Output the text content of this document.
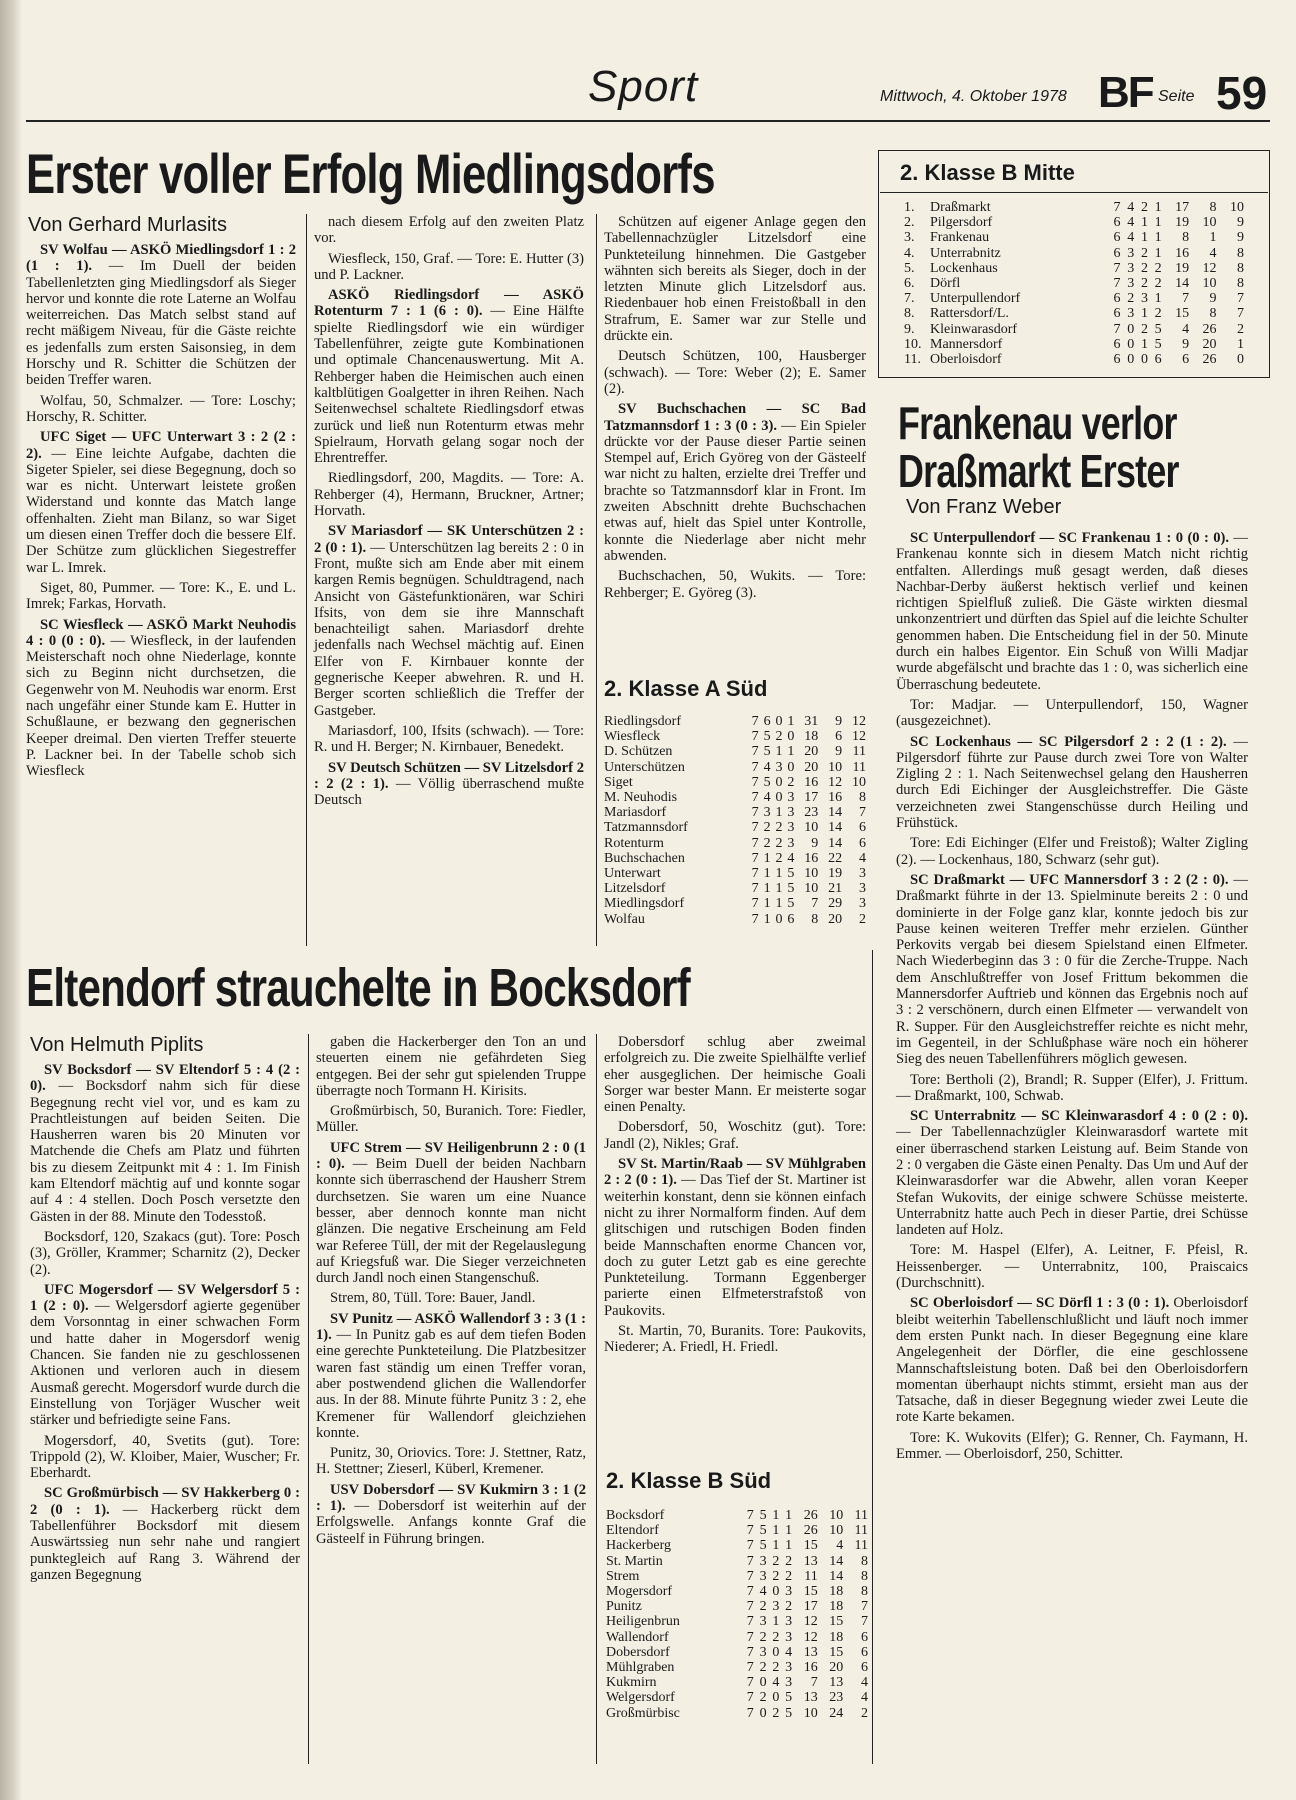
Sport	Mittwoch, 4. Oktober 1978 BF Seite 59
Erster voller Erfolg Miedlingsdorfs
Von Gerhard Murlasits

SV Wolfau — ASKÖ Miedlingsdorf 1 : 2 (1 : 1). — Im Duell der beiden Tabellenletzten ging Miedlingsdorf als Sieger hervor und konnte die rote Laterne an Wolfau weiterreichen. Das Match selbst stand auf recht mäßigem Niveau, für die Gäste reichte es jedenfalls zum ersten Saisonsieg, in dem Horschy und R. Schitter die Schützen der beiden Treffer waren.

Wolfau, 50, Schmalzer. — Tore: Loschy; Horschy, R. Schitter.

UFC Siget — UFC Unterwart 3 : 2 (2 : 2). — Eine leichte Aufgabe, dachten die Sigeter Spieler, sei diese Begegnung, doch so war es nicht. Unterwart leistete großen Widerstand und konnte das Match lange offenhalten. Zieht man Bilanz, so war Siget um diesen einen Treffer doch die bessere Elf. Der Schütze zum glücklichen Siegestreffer war L. Imrek.

Siget, 80, Pummer. — Tore: K., E. und L. Imrek; Farkas, Horvath.

SC Wiesfleck — ASKÖ Markt Neuhodis 4 : 0 (0 : 0). — Wiesfleck, in der laufenden Meisterschaft noch ohne Niederlage, konnte sich zu Beginn nicht durchsetzen, die Gegenwehr von M. Neuhodis war enorm. Erst nach ungefähr einer Stunde kam E. Hutter in Schußlaune, er bezwang den gegnerischen Keeper dreimal. Den vierten Treffer steuerte P. Lackner bei. In der Tabelle schob sich Wiesfleck

nach diesem Erfolg auf den zweiten Platz vor.

Wiesfleck, 150, Graf. — Tore: E. Hutter (3) und P. Lackner.

ASKÖ Riedlingsdorf — ASKÖ Rotenturm 7 : 1 (6 : 0). — Eine Hälfte spielte Riedlingsdorf wie ein würdiger Tabellenführer, zeigte gute Kombinationen und optimale Chancenauswertung. Mit A. Rehberger haben die Heimischen auch einen kaltblütigen Goalgetter in ihren Reihen. Nach Seitenwechsel schaltete Riedlingsdorf etwas zurück und ließ nun Rotenturm etwas mehr Spielraum, Horvath gelang sogar noch der Ehrentreffer.

Riedlingsdorf, 200, Magdits. — Tore: A. Rehberger (4), Hermann, Bruckner, Artner; Horvath.

SV Mariasdorf — SK Unterschützen 2 : 2 (0 : 1). — Unterschützen lag bereits 2 : 0 in Front, mußte sich am Ende aber mit einem kargen Remis begnügen. Schuldtragend, nach Ansicht von Gästefunktionären, war Schiri Ifsits, von dem sie ihre Mannschaft benachteiligt sahen. Mariasdorf drehte jedenfalls nach Wechsel mächtig auf. Einen Elfer von F. Kirnbauer konnte der gegnerische Keeper abwehren. R. und H. Berger scorten schließlich die Treffer der Gastgeber.

Mariasdorf, 100, Ifsits (schwach). — Tore: R. und H. Berger; N. Kirnbauer, Benedekt.

SV Deutsch Schützen — SV Litzelsdorf 2 : 2 (2 : 1). — Völlig überraschend mußte Deutsch

Schützen auf eigener Anlage gegen den Tabellennachzügler Litzelsdorf eine Punkteteilung hinnehmen. Die Gastgeber wähnten sich bereits als Sieger, doch in der letzten Minute glich Litzelsdorf aus. Riedenbauer hob einen Freistoßball in den Strafrum, E. Samer war zur Stelle und drückte ein.

Deutsch Schützen, 100, Hausberger (schwach). — Tore: Weber (2); E. Samer (2).

SV Buchschachen — SC Bad Tatzmannsdorf 1 : 3 (0 : 3). — Ein Spieler drückte vor der Pause dieser Partie seinen Stempel auf, Erich Györeg von der Gästeelf war nicht zu halten, erzielte drei Treffer und brachte so Tatzmannsdorf klar in Front. Im zweiten Abschnitt drehte Buchschachen etwas auf, hielt das Spiel unter Kontrolle, konnte die Niederlage aber nicht mehr abwenden.

Buchschachen, 50, Wukits. — Tore: Rehberger; E. Györeg (3).

2. Klasse A Süd
Riedlingsdorf	7	6	0	1	31	9	12
Wiesfleck	7	5	2	0	18	6	12
D. Schützen	7	5	1	1	20	9	11
Unterschützen	7	4	3	0	20	10	11
Siget	7	5	0	2	16	12	10
M. Neuhodis	7	4	0	3	17	16	8
Mariasdorf	7	3	1	3	23	14	7
Tatzmannsdorf	7	2	2	3	10	14	6
Rotenturm	7	2	2	3	9	14	6
Buchschachen	7	1	2	4	16	22	4
Unterwart	7	1	1	5	10	19	3
Litzelsdorf	7	1	1	5	10	21	3
Miedlingsdorf	7	1	1	5	7	29	3
Wolfau	7	1	0	6	8	20	2
2. Klasse B Mitte
1.	Draßmarkt	7	4	2	1	17	8	10
2.	Pilgersdorf	6	4	1	1	19	10	9
3.	Frankenau	6	4	1	1	8	1	9
4.	Unterrabnitz	6	3	2	1	16	4	8
5.	Lockenhaus	7	3	2	2	19	12	8
6.	Dörfl	7	3	2	2	14	10	8
7.	Unterpullendorf	6	2	3	1	7	9	7
8.	Rattersdorf/L.	6	3	1	2	15	8	7
9.	Kleinwarasdorf	7	0	2	5	4	26	2
10.	Mannersdorf	6	0	1	5	9	20	1
11.	Oberloisdorf	6	0	0	6	6	26	0
Frankenau verlor
Draßmarkt Erster
Von Franz Weber

SC Unterpullendorf — SC Frankenau 1 : 0 (0 : 0). — Frankenau konnte sich in diesem Match nicht richtig entfalten. Allerdings muß gesagt werden, daß dieses Nachbar-Derby äußerst hektisch verlief und keinen richtigen Spielfluß zuließ. Die Gäste wirkten diesmal unkonzentriert und dürften das Spiel auf die leichte Schulter genommen haben. Die Entscheidung fiel in der 50. Minute durch ein halbes Eigentor. Ein Schuß von Willi Madjar wurde abgefälscht und brachte das 1 : 0, was sicherlich eine Überraschung bedeutete.

Tor: Madjar. — Unterpullendorf, 150, Wagner (ausgezeichnet).

SC Lockenhaus — SC Pilgersdorf 2 : 2 (1 : 2). — Pilgersdorf führte zur Pause durch zwei Tore von Walter Zigling 2 : 1. Nach Seitenwechsel gelang den Hausherren durch Edi Eichinger der Ausgleichstreffer. Die Gäste verzeichneten zwei Stangenschüsse durch Heiling und Frühstück.

Tore: Edi Eichinger (Elfer und Freistoß); Walter Zigling (2). — Lockenhaus, 180, Schwarz (sehr gut).

SC Draßmarkt — UFC Mannersdorf 3 : 2 (2 : 0). — Draßmarkt führte in der 13. Spielminute bereits 2 : 0 und dominierte in der Folge ganz klar, konnte jedoch bis zur Pause keinen weiteren Treffer mehr erzielen. Günther Perkovits vergab bei diesem Spielstand einen Elfmeter. Nach Wiederbeginn das 3 : 0 für die Zerche-Truppe. Nach dem Anschlußtreffer von Josef Frittum bekommen die Mannersdorfer Auftrieb und können das Ergebnis noch auf 3 : 2 verschönern, durch einen Elfmeter — verwandelt von R. Supper. Für den Ausgleichstreffer reichte es nicht mehr, im Gegenteil, in der Schlußphase wäre noch ein höherer Sieg des neuen Tabellenführers möglich gewesen.

Tore: Bertholi (2), Brandl; R. Supper (Elfer), J. Frittum. — Draßmarkt, 100, Schwab.

SC Unterrabnitz — SC Kleinwarasdorf 4 : 0 (2 : 0). — Der Tabellennachzügler Kleinwarasdorf wartete mit einer überraschend starken Leistung auf. Beim Stande von 2 : 0 vergaben die Gäste einen Penalty. Das Um und Auf der Kleinwarasdorfer war die Abwehr, allen voran Keeper Stefan Wukovits, der einige schwere Schüsse meisterte. Unterrabnitz hatte auch Pech in dieser Partie, drei Schüsse landeten auf Holz.

Tore: M. Haspel (Elfer), A. Leitner, F. Pfeisl, R. Heissenberger. — Unterrabnitz, 100, Praiscaics (Durchschnitt).

SC Oberloisdorf — SC Dörfl 1 : 3 (0 : 1). Oberloisdorf bleibt weiterhin Tabellenschlußlicht und läuft noch immer dem ersten Punkt nach. In dieser Begegnung eine klare Angelegenheit der Dörfler, die eine geschlossene Mannschaftsleistung boten. Daß bei den Oberloisdorfern momentan überhaupt nichts stimmt, ersieht man aus der Tatsache, daß in dieser Begegnung wieder zwei Leute die rote Karte bekamen.

Tore: K. Wukovits (Elfer); G. Renner, Ch. Faymann, H. Emmer. — Oberloisdorf, 250, Schitter.

Eltendorf strauchelte in Bocksdorf
Von Helmuth Piplits

SV Bocksdorf — SV Eltendorf 5 : 4 (2 : 0). — Bocksdorf nahm sich für diese Begegnung recht viel vor, und es kam zu Prachtleistungen auf beiden Seiten. Die Hausherren waren bis 20 Minuten vor Matchende die Chefs am Platz und führten bis zu diesem Zeitpunkt mit 4 : 1. Im Finish kam Eltendorf mächtig auf und konnte sogar auf 4 : 4 stellen. Doch Posch versetzte den Gästen in der 88. Minute den Todesstoß.

Bocksdorf, 120, Szakacs (gut). Tore: Posch (3), Gröller, Krammer; Scharnitz (2), Decker (2).

UFC Mogersdorf — SV Welgersdorf 5 : 1 (2 : 0). — Welgersdorf agierte gegenüber dem Vorsonntag in einer schwachen Form und hatte daher in Mogersdorf wenig Chancen. Sie fanden nie zu geschlossenen Aktionen und verloren auch in diesem Ausmaß gerecht. Mogersdorf wurde durch die Einstellung von Torjäger Wuscher weit stärker und befriedigte seine Fans.

Mogersdorf, 40, Svetits (gut). Tore: Trippold (2), W. Kloiber, Maier, Wuscher; Fr. Eberhardt.

SC Großmürbisch — SV Hakkerberg 0 : 2 (0 : 1). — Hackerberg rückt dem Tabellenführer Bocksdorf mit diesem Auswärtssieg nun sehr nahe und rangiert punktegleich auf Rang 3. Während der ganzen Begegnung

gaben die Hackerberger den Ton an und steuerten einem nie gefährdeten Sieg entgegen. Bei der sehr gut spielenden Truppe überragte noch Tormann H. Kirisits.

Großmürbisch, 50, Buranich. Tore: Fiedler, Müller.

UFC Strem — SV Heiligenbrunn 2 : 0 (1 : 0). — Beim Duell der beiden Nachbarn konnte sich überraschend der Hausherr Strem durchsetzen. Sie waren um eine Nuance besser, aber dennoch konnte man nicht glänzen. Die negative Erscheinung am Feld war Referee Tüll, der mit der Regelauslegung auf Kriegsfuß war. Die Sieger verzeichneten durch Jandl noch einen Stangenschuß.

Strem, 80, Tüll. Tore: Bauer, Jandl.

SV Punitz — ASKÖ Wallendorf 3 : 3 (1 : 1). — In Punitz gab es auf dem tiefen Boden eine gerechte Punkteteilung. Die Platzbesitzer waren fast ständig um einen Treffer voran, aber postwendend glichen die Wallendorfer aus. In der 88. Minute führte Punitz 3 : 2, ehe Kremener für Wallendorf gleichziehen konnte.

Punitz, 30, Oriovics. Tore: J. Stettner, Ratz, H. Stettner; Zieserl, Küberl, Kremener.

USV Dobersdorf — SV Kukmirn 3 : 1 (2 : 1). — Dobersdorf ist weiterhin auf der Erfolgswelle. Anfangs konnte Graf die Gästeelf in Führung bringen.

Dobersdorf schlug aber zweimal erfolgreich zu. Die zweite Spielhälfte verlief eher ausgeglichen. Der heimische Goali Sorger war bester Mann. Er meisterte sogar einen Penalty.

Dobersdorf, 50, Woschitz (gut). Tore: Jandl (2), Nikles; Graf.

SV St. Martin/Raab — SV Mühlgraben 2 : 2 (0 : 1). — Das Tief der St. Martiner ist weiterhin konstant, denn sie können einfach nicht zu ihrer Normalform finden. Auf dem glitschigen und rutschigen Boden finden beide Mannschaften enorme Chancen vor, doch zu guter Letzt gab es eine gerechte Punkteteilung. Tormann Eggenberger parierte einen Elfmeterstrafstoß von Paukovits.

St. Martin, 70, Buranits. Tore: Paukovits, Niederer; A. Friedl, H. Friedl.

2. Klasse B Süd
Bocksdorf	7	5	1	1	26	10	11
Eltendorf	7	5	1	1	26	10	11
Hackerberg	7	5	1	1	15	4	11
St. Martin	7	3	2	2	13	14	8
Strem	7	3	2	2	11	14	8
Mogersdorf	7	4	0	3	15	18	8
Punitz	7	2	3	2	17	18	7
Heiligenbrun	7	3	1	3	12	15	7
Wallendorf	7	2	2	3	12	18	6
Dobersdorf	7	3	0	4	13	15	6
Mühlgraben	7	2	2	3	16	20	6
Kukmirn	7	0	4	3	7	13	4
Welgersdorf	7	2	0	5	13	23	4
Großmürbisc	7	0	2	5	10	24	2
